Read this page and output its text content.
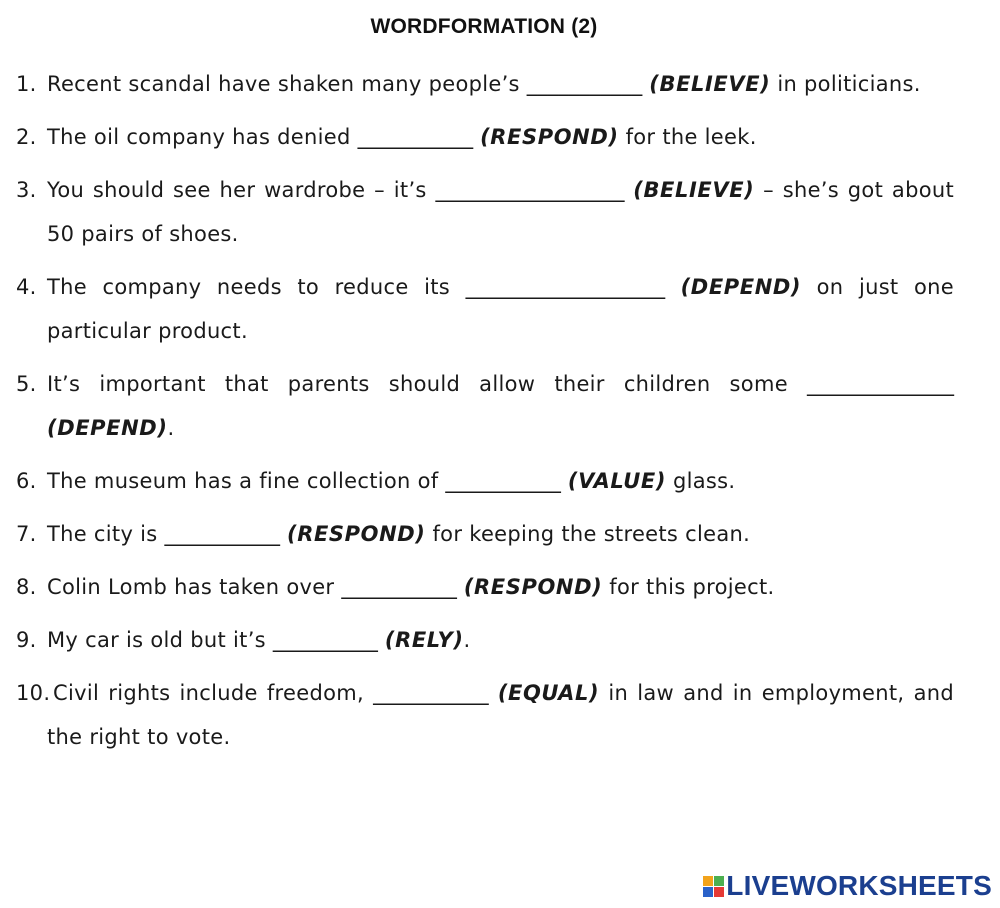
WORDFORMATION (2)
1. Recent scandal have shaken many people’s ___________ (BELIEVE) in politicians.
2. The oil company has denied ___________ (RESPOND) for the leek.
3. You should see her wardrobe – it’s __________________ (BELIEVE) – she’s got about 50 pairs of shoes.
4. The company needs to reduce its ___________________ (DEPEND) on just one particular product.
5. It’s important that parents should allow their children some ______________ (DEPEND).
6. The museum has a fine collection of ___________ (VALUE) glass.
7. The city is ___________ (RESPOND) for keeping the streets clean.
8. Colin Lomb has taken over ___________ (RESPOND) for this project.
9. My car is old but it’s __________ (RELY).
10. Civil rights include freedom, ___________ (EQUAL) in law and in employment, and the right to vote.
LIVEWORKSHEETS
